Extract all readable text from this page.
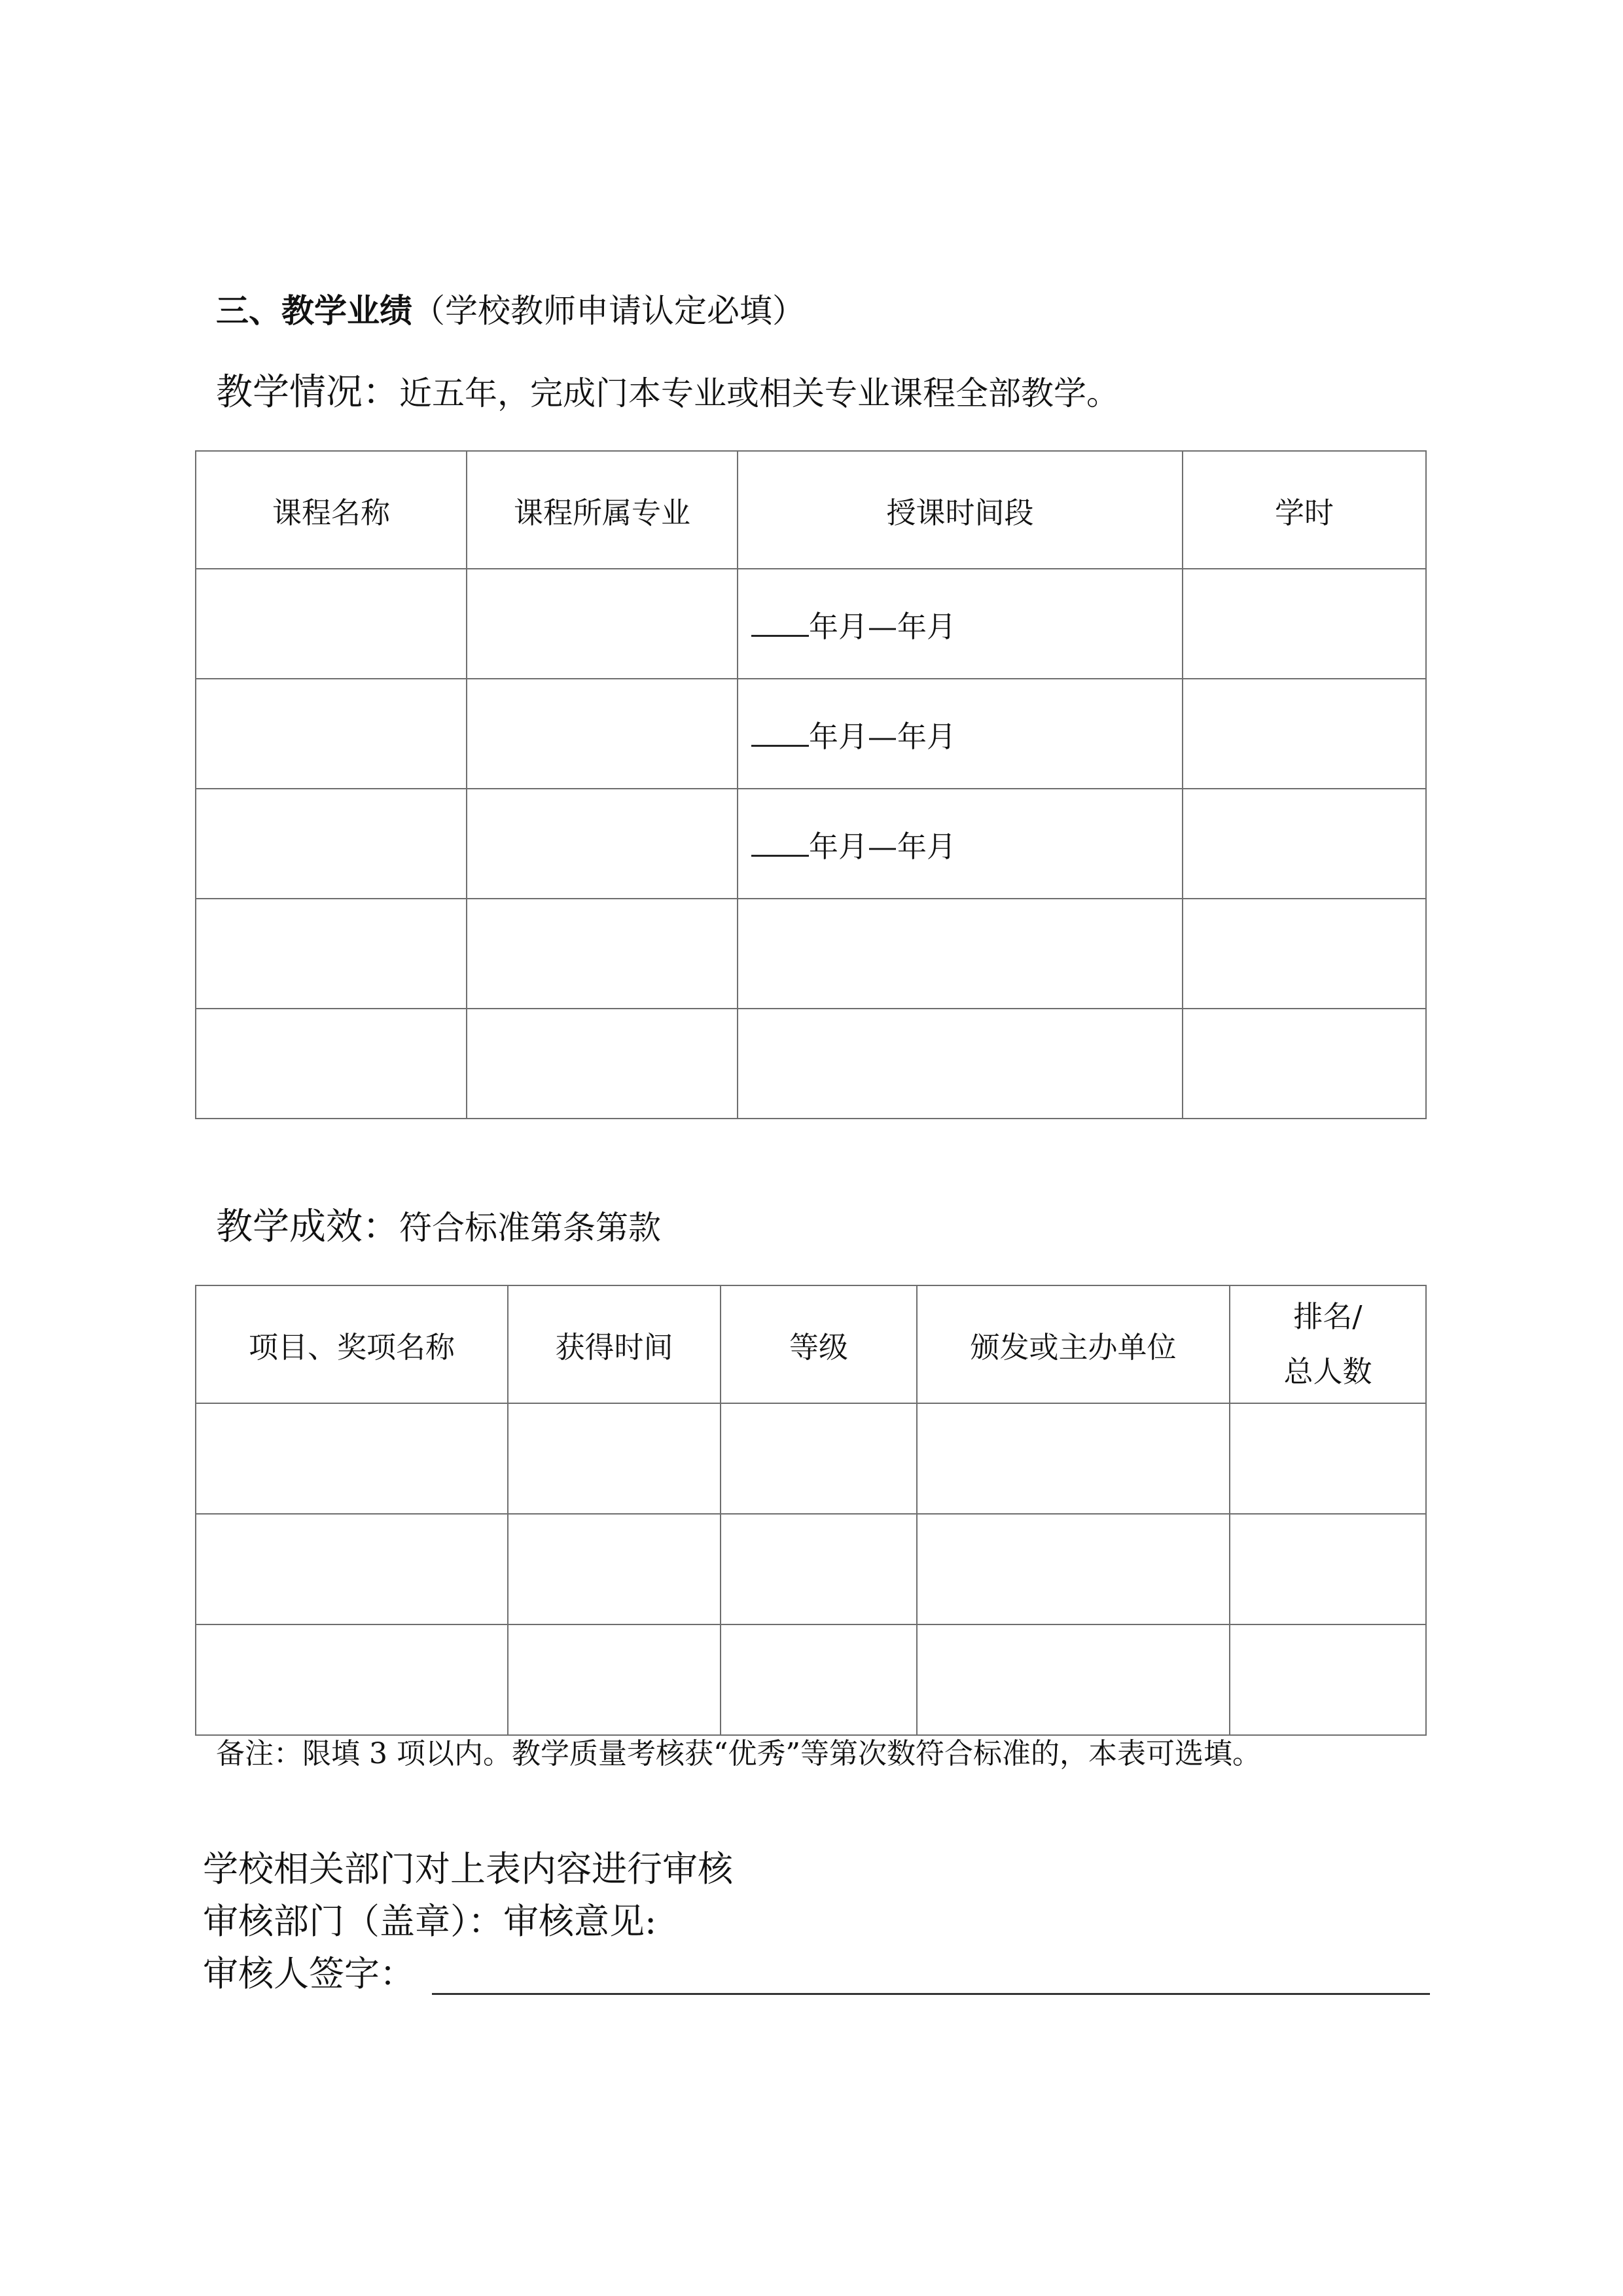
三、教学业绩（学校教师申请认定必填）
教学情况：近五年，完成门本专业或相关专业课程全部教学。
课程名称	课程所属专业	授课时间段	学时
		年月—年月	
		年月—年月	
		年月—年月	

教学成效：符合标准第条第款
项目、奖项名称	获得时间	等级	颁发或主办单位	排名/
总人数

备注：限填 3 项以内。教学质量考核获“优秀”等第次数符合标准的，本表可选填。
学校相关部门对上表内容进行审核
审核部门（盖章）：审核意见:
审核人签字：
